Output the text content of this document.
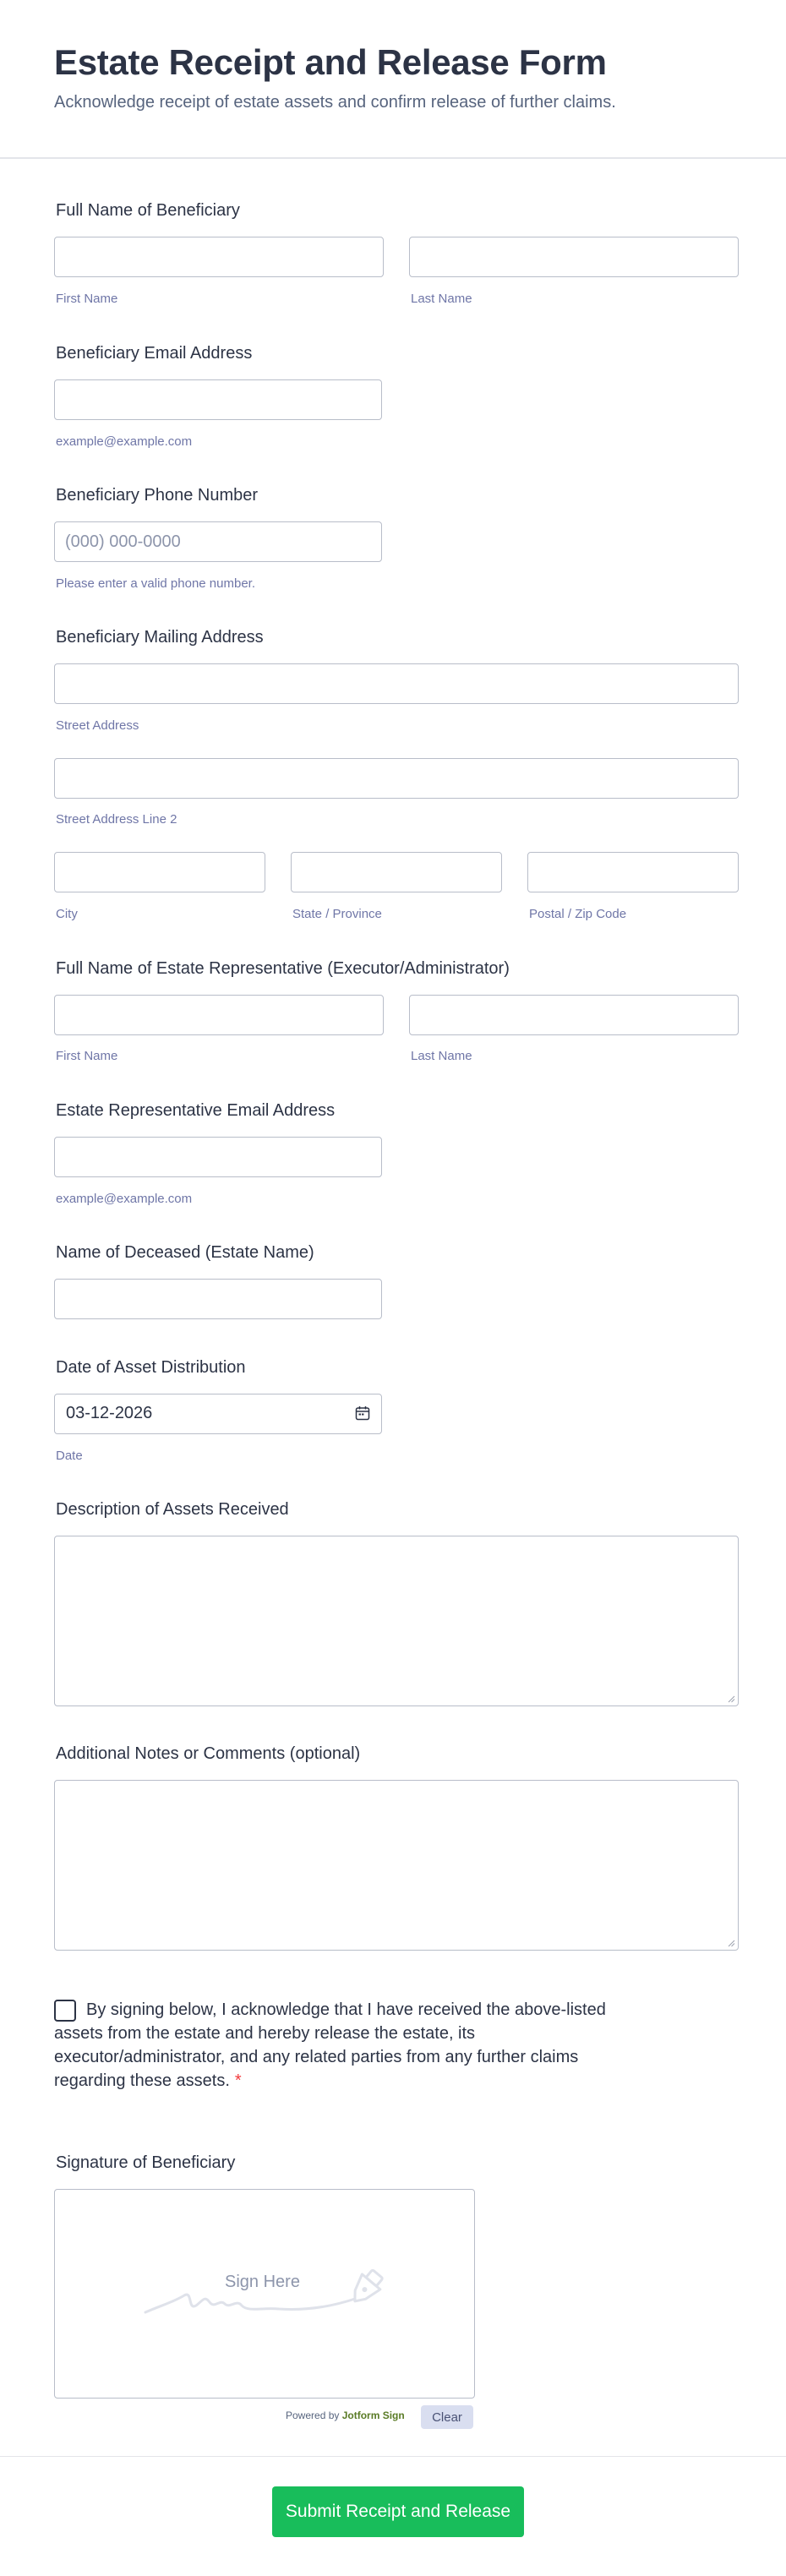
Estate Receipt and Release Form

Acknowledge receipt of estate assets and confirm release of further claims.

Full Name of Beneficiary
First Name	Last Name
Beneficiary Email Address
example@example.com
Beneficiary Phone Number
(000) 000-0000
Please enter a valid phone number.
Beneficiary Mailing Address
Street Address
Street Address Line 2
City	State / Province	Postal / Zip Code
Full Name of Estate Representative (Executor/Administrator)
First Name	Last Name
Estate Representative Email Address
example@example.com
Name of Deceased (Estate Name)
Date of Asset Distribution
03-12-2026
Date
Description of Assets Received
Additional Notes or Comments (optional)

By signing below, I acknowledge that I have received the above-listed assets from the estate and hereby release the estate, its executor/administrator, and any related parties from any further claims regarding these assets. *

Signature of Beneficiary
Sign Here
Powered by Jotform Sign	Clear
Submit Receipt and Release
